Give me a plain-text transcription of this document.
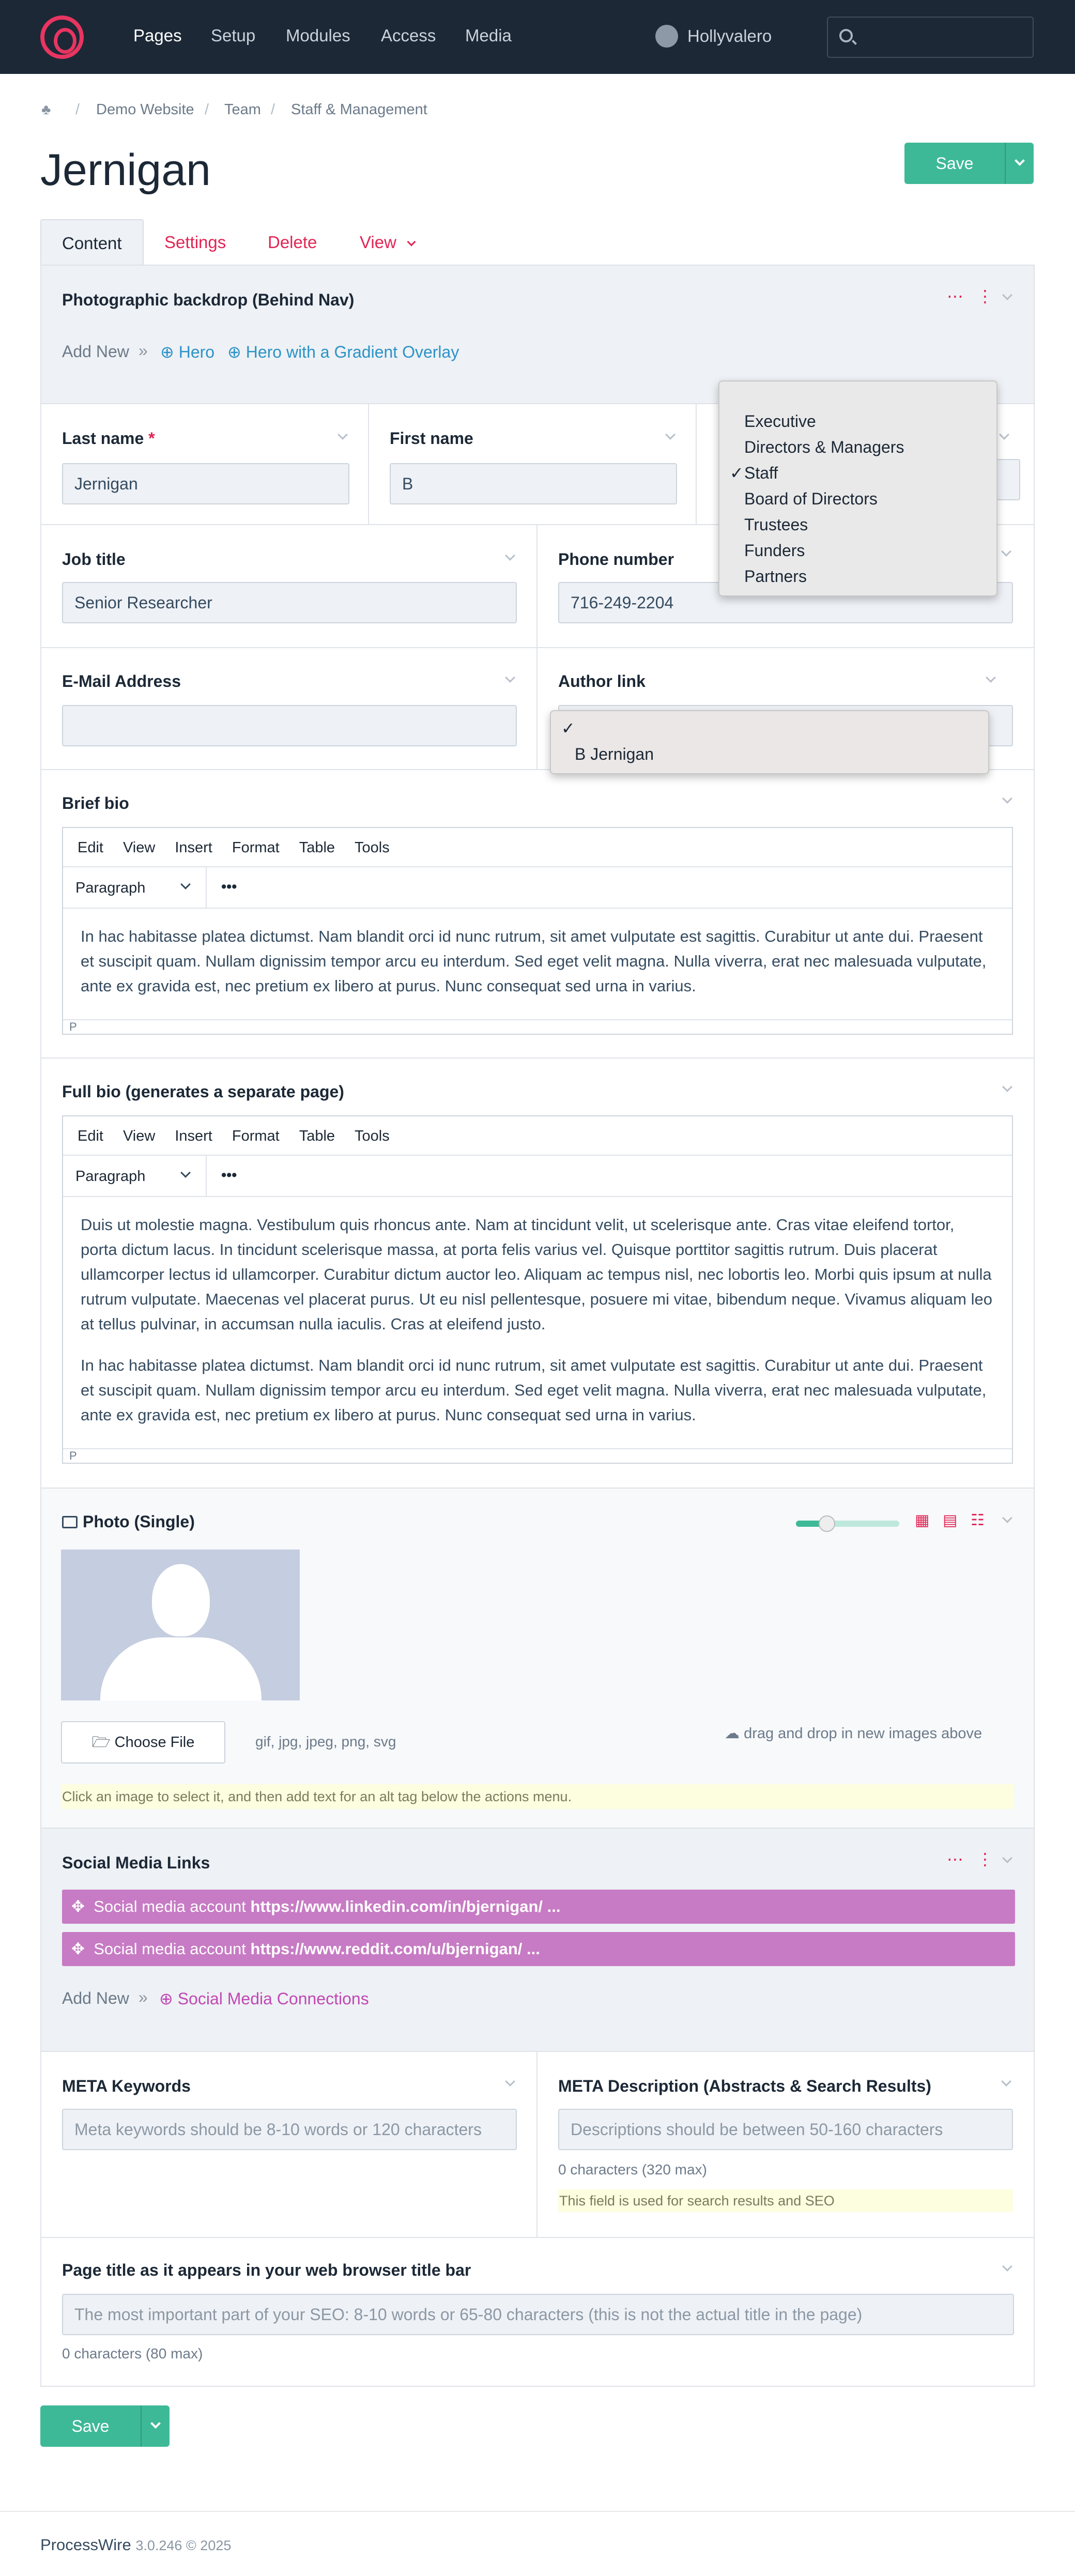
Pages Setup Modules Access Media	Hollyvalero
♣ / Demo Website / Team / Staff & Management
Jernigan	Save
Content	Settings	Delete	View
Photographic backdrop (Behind Nav)	⋯ ⋮
Add New » ⊕ Hero ⊕ Hero with a Gradient Overlay
Last name *
Jernigan
First name
B
Job title
Senior Researcher
Phone number
716-249-2204
E-Mail Address	Author link
Brief bio
Edit View Insert Format Table Tools
Paragraph	•••

In hac habitasse platea dictumst. Nam blandit orci id nunc rutrum, sit amet vulputate est sagittis. Curabitur ut ante dui. Praesent et suscipit quam. Nullam dignissim tempor arcu eu interdum. Sed eget velit magna. Nulla viverra, erat nec malesuada vulputate, ante ex gravida est, nec pretium ex libero at purus. Nunc consequat sed urna in varius.

P
Full bio (generates a separate page)
Edit View Insert Format Table Tools
Paragraph	•••

Duis ut molestie magna. Vestibulum quis rhoncus ante. Nam at tincidunt velit, ut scelerisque ante. Cras vitae eleifend tortor, porta dictum lacus. In tincidunt scelerisque massa, at porta felis varius vel. Quisque porttitor sagittis rutrum. Duis placerat ullamcorper lectus id ullamcorper. Curabitur dictum auctor leo. Aliquam ac tempus nisl, nec lobortis leo. Morbi quis ipsum at nulla rutrum vulputate. Maecenas vel placerat purus. Ut eu nisl pellentesque, posuere mi vitae, bibendum neque. Vivamus aliquam leo at tellus pulvinar, in accumsan nulla iaculis. Cras at eleifend justo.

In hac habitasse platea dictumst. Nam blandit orci id nunc rutrum, sit amet vulputate est sagittis. Curabitur ut ante dui. Praesent et suscipit quam. Nullam dignissim tempor arcu eu interdum. Sed eget velit magna. Nulla viverra, erat nec malesuada vulputate, ante ex gravida est, nec pretium ex libero at purus. Nunc consequat sed urna in varius.

P
Photo (Single)	▦ ▤ ☷
🗁 Choose File	gif, jpg, jpeg, png, svg	☁ drag and drop in new images above
Click an image to select it, and then add text for an alt tag below the actions menu.
Social Media Links	⋯ ⋮
✥ Social media account https://www.linkedin.com/in/bjernigan/ ...
✥ Social media account https://www.reddit.com/u/bjernigan/ ...
Add New » ⊕ Social Media Connections
META Keywords
Meta keywords should be 8-10 words or 120 characters
META Description (Abstracts & Search Results)
Descriptions should be between 50-160 characters
0 characters (320 max)
This field is used for search results and SEO
Page title as it appears in your web browser title bar
The most important part of your SEO: 8-10 words or 65-80 characters (this is not the actual title in the page)
0 characters (80 max)
Save
ProcessWire 3.0.246 © 2025
Executive
Directors & Managers
✓ Staff
Board of Directors
Trustees
Funders
Partners
✓
B Jernigan
